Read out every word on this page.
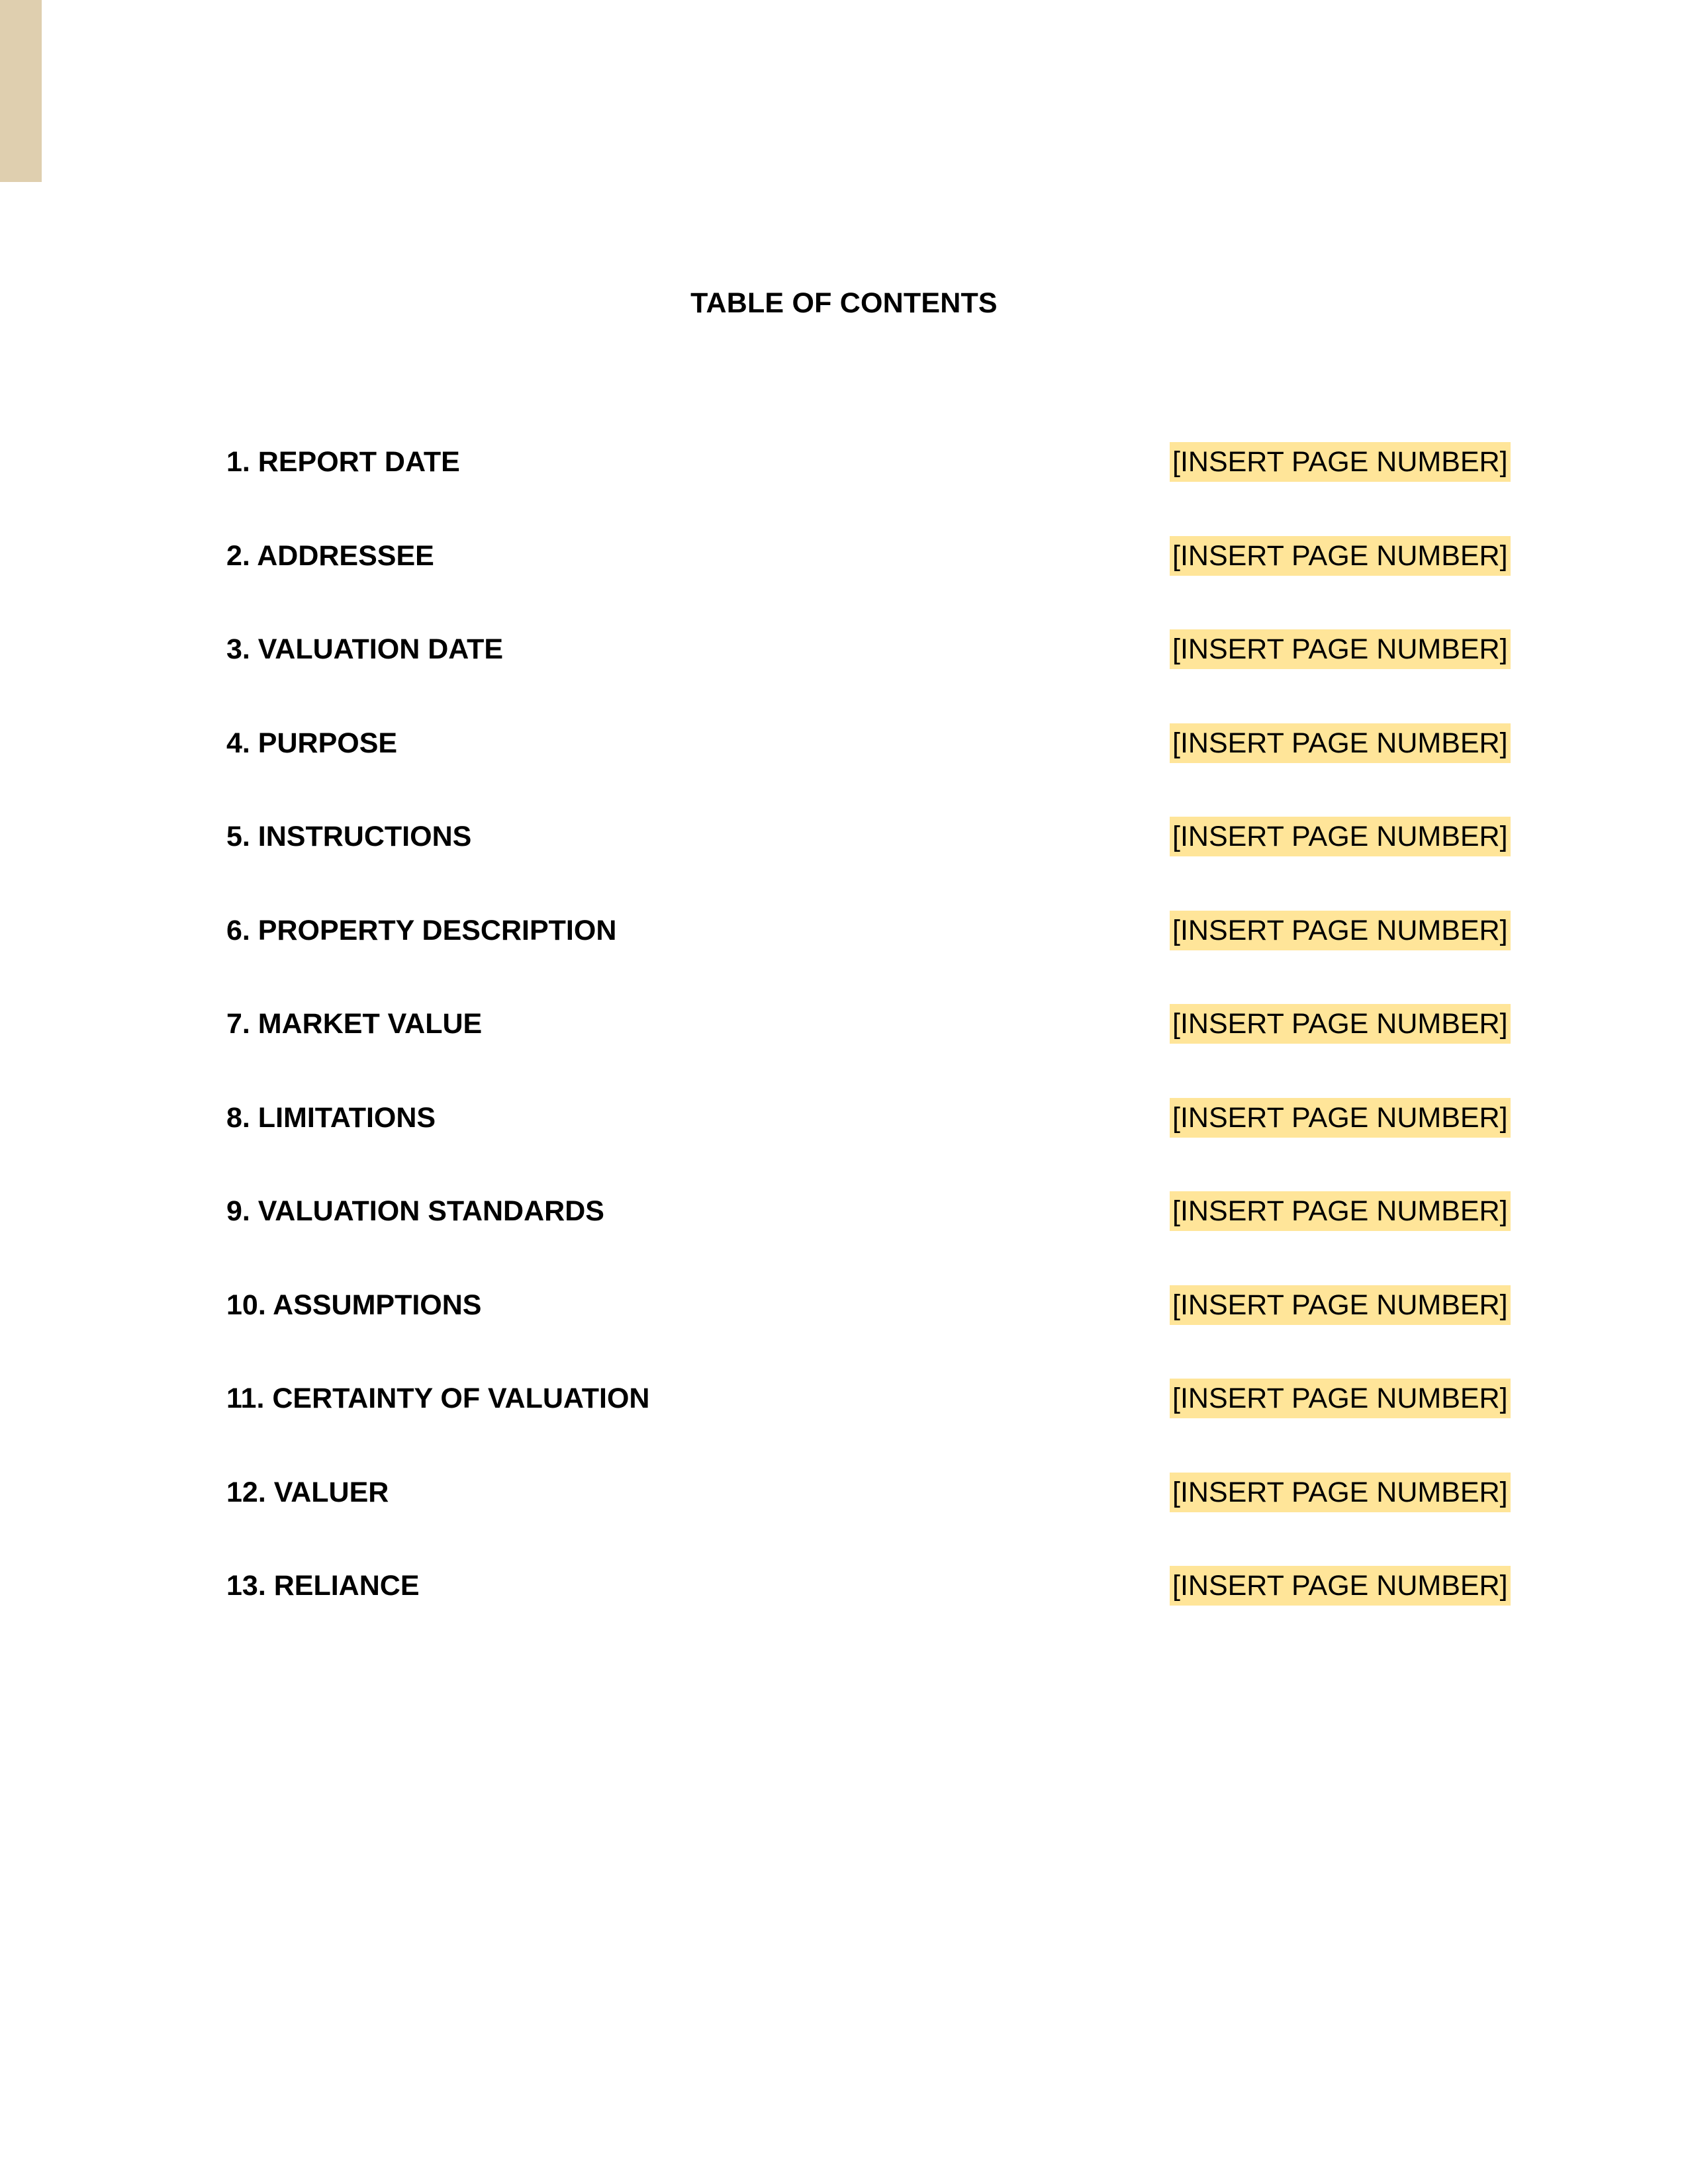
TABLE OF CONTENTS
1. REPORT DATE	[INSERT PAGE NUMBER]
2. ADDRESSEE	[INSERT PAGE NUMBER]
3. VALUATION DATE	[INSERT PAGE NUMBER]
4. PURPOSE	[INSERT PAGE NUMBER]
5. INSTRUCTIONS	[INSERT PAGE NUMBER]
6. PROPERTY DESCRIPTION	[INSERT PAGE NUMBER]
7. MARKET VALUE	[INSERT PAGE NUMBER]
8. LIMITATIONS	[INSERT PAGE NUMBER]
9. VALUATION STANDARDS	[INSERT PAGE NUMBER]
10. ASSUMPTIONS	[INSERT PAGE NUMBER]
11. CERTAINTY OF VALUATION	[INSERT PAGE NUMBER]
12. VALUER	[INSERT PAGE NUMBER]
13. RELIANCE	[INSERT PAGE NUMBER]
